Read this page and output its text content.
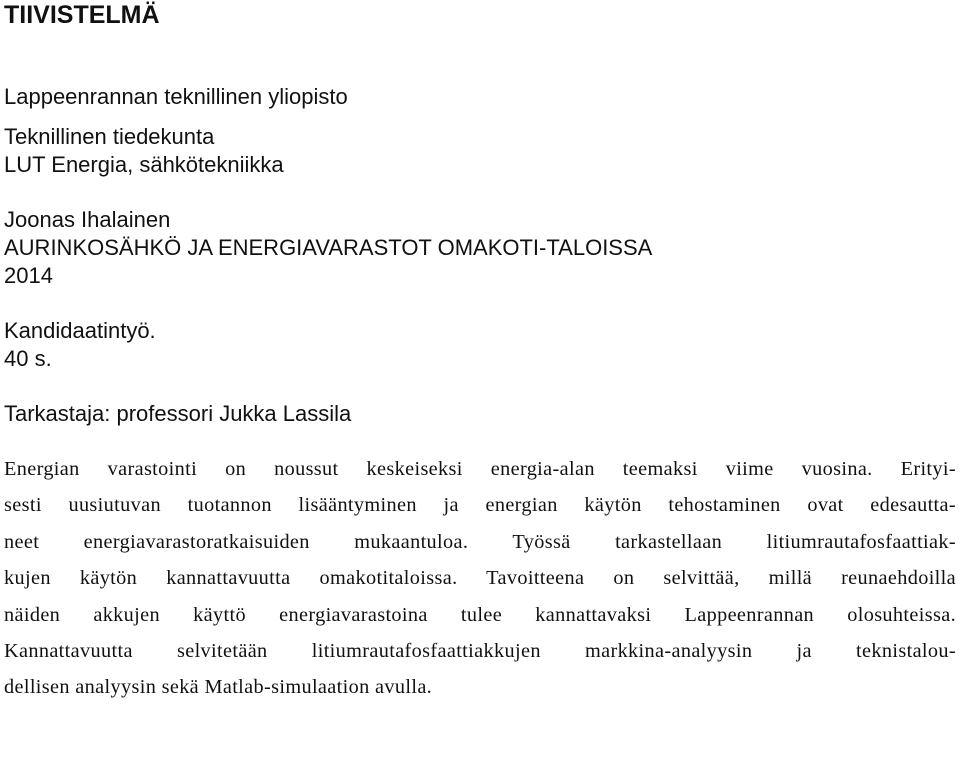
TIIVISTELMÄ
Lappeenrannan teknillinen yliopisto
Teknillinen tiedekunta
LUT Energia, sähkötekniikka
Joonas Ihalainen
AURINKOSÄHKÖ JA ENERGIAVARASTOT OMAKOTI-TALOISSA
2014
Kandidaatintyö.
40 s.
Tarkastaja: professori Jukka Lassila
Energian varastointi on noussut keskeiseksi energia-alan teemaksi viime vuosina. Erityi-
sesti uusiutuvan tuotannon lisääntyminen ja energian käytön tehostaminen ovat edesautta-
neet energiavarastoratkaisuiden mukaantuloa. Työssä tarkastellaan litiumrautafosfaattiak-
kujen käytön kannattavuutta omakotitaloissa. Tavoitteena on selvittää, millä reunaehdoilla
näiden akkujen käyttö energiavarastoina tulee kannattavaksi Lappeenrannan olosuhteissa.
Kannattavuutta selvitetään litiumrautafosfaattiakkujen markkina-analyysin ja teknistalou-
dellisen analyysin sekä Matlab-simulaation avulla.
